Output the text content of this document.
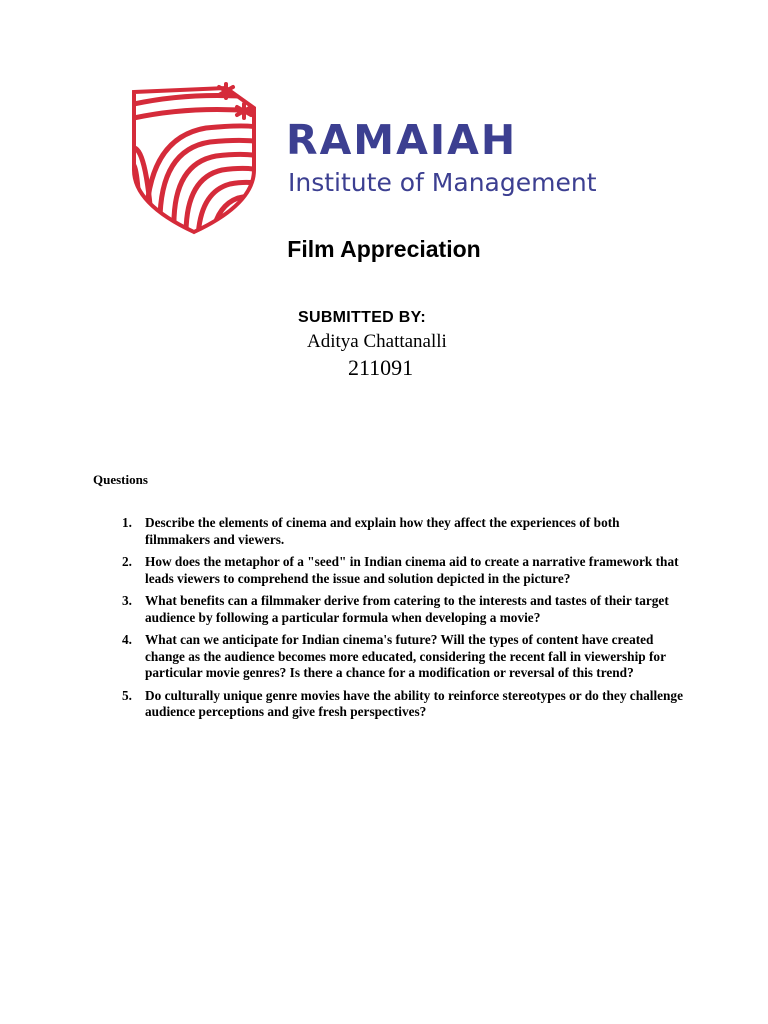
RAMAIAH
Institute of Management
Film Appreciation
SUBMITTED BY:
Aditya Chattanalli
211091
Questions
1. Describe the elements of cinema and explain how they affect the experiences of both filmmakers and viewers.
2. How does the metaphor of a "seed" in Indian cinema aid to create a narrative framework that leads viewers to comprehend the issue and solution depicted in the picture?
3. What benefits can a filmmaker derive from catering to the interests and tastes of their target audience by following a particular formula when developing a movie?
4. What can we anticipate for Indian cinema's future? Will the types of content have created change as the audience becomes more educated, considering the recent fall in viewership for particular movie genres? Is there a chance for a modification or reversal of this trend?
5. Do culturally unique genre movies have the ability to reinforce stereotypes or do they challenge audience perceptions and give fresh perspectives?
